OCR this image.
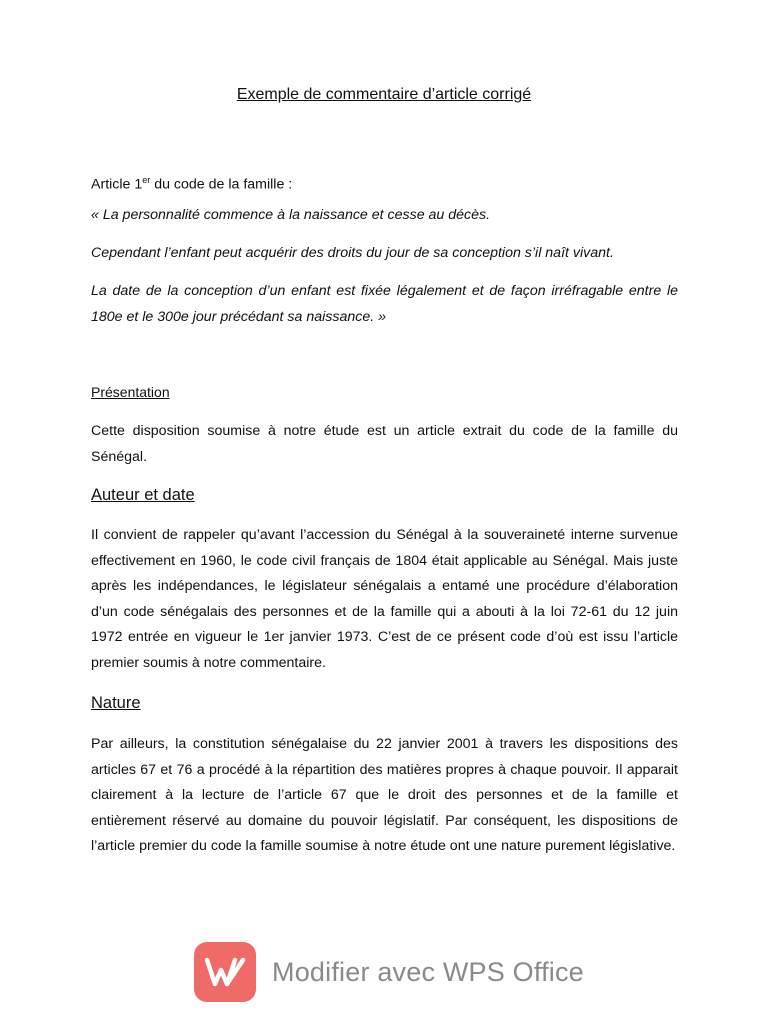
Exemple de commentaire d’article corrigé

Article 1er du code de la famille :

« La personnalité commence à la naissance et cesse au décès.

Cependant l’enfant peut acquérir des droits du jour de sa conception s’il naît vivant.

La date de la conception d’un enfant est fixée légalement et de façon irréfragable entre le 180e et le 300e jour précédant sa naissance. »

Présentation

Cette disposition soumise à notre étude est un article extrait du code de la famille du Sénégal.

Auteur et date

Il convient de rappeler qu’avant l’accession du Sénégal à la souveraineté interne survenue effectivement en 1960, le code civil français de 1804 était applicable au Sénégal. Mais juste après les indépendances, le législateur sénégalais a entamé une procédure d’élaboration d’un code sénégalais des personnes et de la famille qui a abouti à la loi 72-61 du 12 juin 1972 entrée en vigueur le 1er janvier 1973. C’est de ce présent code d’où est issu l’article premier soumis à notre commentaire.

Nature

Par ailleurs, la constitution sénégalaise du 22 janvier 2001 à travers les dispositions des articles 67 et 76 a procédé à la répartition des matières propres à chaque pouvoir. Il apparait clairement à la lecture de l’article 67 que le droit des personnes et de la famille et entièrement réservé au domaine du pouvoir législatif. Par conséquent, les dispositions de l’article premier du code la famille soumise à notre étude ont une nature purement législative.

Modifier avec WPS Office
